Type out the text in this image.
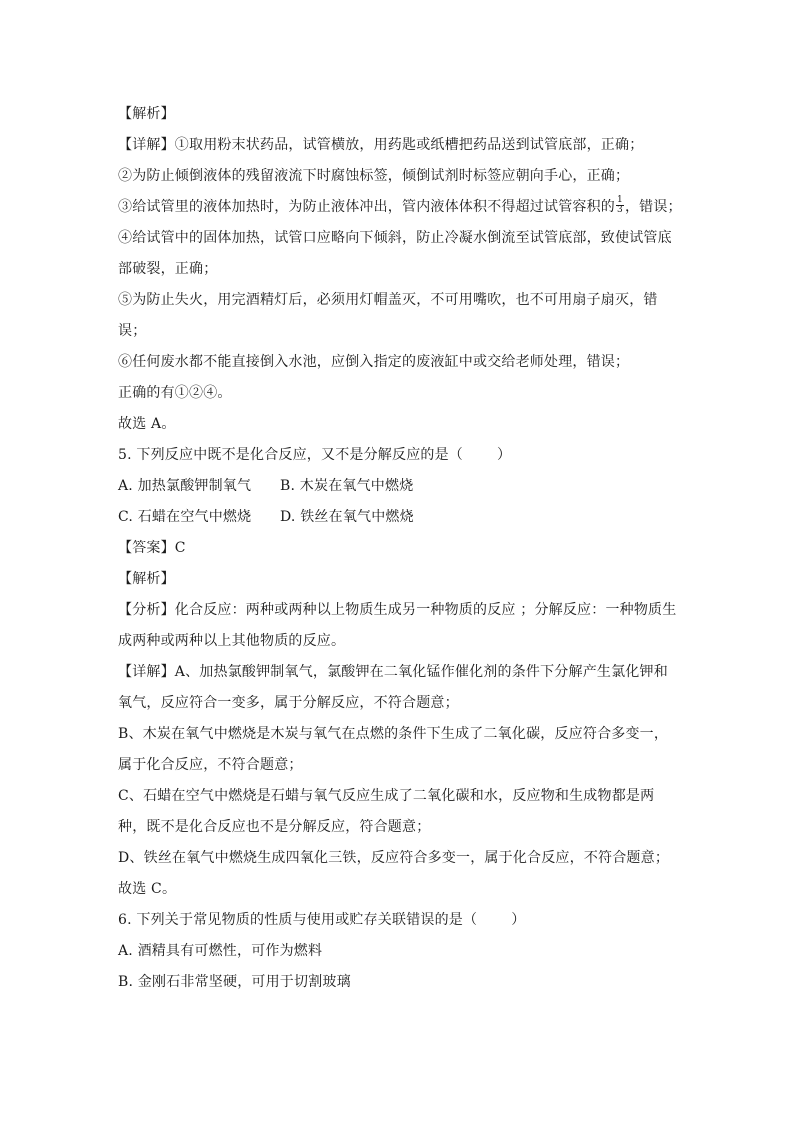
【解析】
【详解】①取用粉末状药品，试管横放，用药匙或纸槽把药品送到试管底部，正确；
②为防止倾倒液体的残留液流下时腐蚀标签，倾倒试剂时标签应朝向手心，正确；
③给试管里的液体加热时，为防止液体冲出，管内液体体积不得超过试管容积的 $\frac{1}{3}$ ，错误；
④给试管中的固体加热，试管口应略向下倾斜，防止冷凝水倒流至试管底部，致使试管底
部破裂，正确；
⑤为防止失火，用完酒精灯后，必须用灯帽盖灭，不可用嘴吹，也不可用扇子扇灭，错
误；
⑥任何废水都不能直接倒入水池，应倒入指定的废液缸中或交给老师处理，错误；
正确的有①②④。
故选 A。
5. 下列反应中既不是化合反应，又不是分解反应的是（ ）
A. 加热氯酸钾制氧气	B. 木炭在氧气中燃烧
C. 石蜡在空气中燃烧	D. 铁丝在氧气中燃烧
【答案】C
【解析】
【分析】化合反应：两种或两种以上物质生成另一种物质的反应 ；分解反应：一种物质生
成两种或两种以上其他物质的反应。
【详解】A、加热氯酸钾制氧气，氯酸钾在二氧化锰作催化剂的条件下分解产生氯化钾和
氧气，反应符合一变多，属于分解反应，不符合题意；
B、木炭在氧气中燃烧是木炭与氧气在点燃的条件下生成了二氧化碳，反应符合多变一，
属于化合反应，不符合题意；
C、石蜡在空气中燃烧是石蜡与氧气反应生成了二氧化碳和水，反应物和生成物都是两
种，既不是化合反应也不是分解反应，符合题意；
D、铁丝在氧气中燃烧生成四氧化三铁，反应符合多变一，属于化合反应，不符合题意；
故选 C。
6. 下列关于常见物质的性质与使用或贮存关联错误的是（ ）
A. 酒精具有可燃性，可作为燃料
B. 金刚石非常坚硬，可用于切割玻璃
